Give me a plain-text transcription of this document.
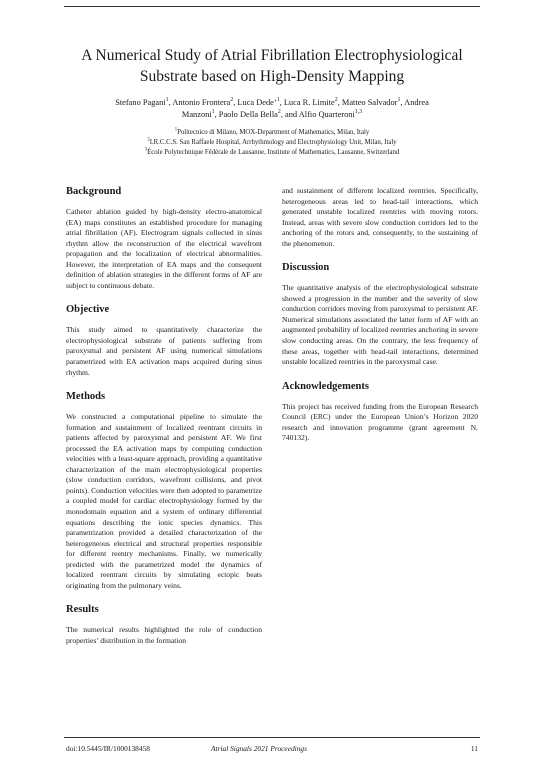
A Numerical Study of Atrial Fibrillation Electrophysiological
Substrate based on High-Density Mapping
Stefano Pagani$^1$, Antonio Frontera$^2$, Luca Dede’$^1$, Luca R. Limite$^2$, Matteo Salvador$^1$, Andrea
Manzoni$^1$, Paolo Della Bella$^2$, and Alfio Quarteroni$^{1,3}$
$^1$Politecnico di Milano, MOX-Department of Mathematics, Milan, Italy
$^2$I.R.C.C.S. San Raffaele Hospital, Arrhythmology and Electrophysiology Unit, Milan, Italy
$^3$École Polytechnique Fédérale de Lausanne, Institute of Mathematics, Lausanne, Switzerland
Background

Catheter ablation guided by high-density electro-anatomical (EA) maps constitutes an established procedure for managing atrial fibrillation (AF). Electrogram signals collected in sinus rhythm allow the reconstruction of the electrical wavefront propagation and the localization of electrical abnormalities. However, the interpretation of EA maps and the consequent definition of ablation strategies in the different forms of AF are subject to continuous debate.

Objective

This study aimed to quantitatively characterize the electrophysiological substrate of patients suffering from paroxysmal and persistent AF using numerical simulations parametrized with EA activation maps acquired during sinus rhythm.

Methods

We constructed a computational pipeline to simulate the formation and sustainment of localized reentrant circuits in patients affected by paroxysmal and persistent AF. We first processed the EA activation maps by computing conduction velocities with a least-square approach, providing a quantitative characterization of the main electrophysiological properties (slow conduction corridors, wavefront collisions, and pivot points). Conduction velocities were then adopted to parametrize a coupled model for cardiac electrophysiology formed by the monodomain equation and a system of ordinary differential equations describing the ionic species dynamics. This parametrization provided a detailed characterization of the heterogeneous electrical and structural properties responsible for different reentry mechanisms. Finally, we numerically predicted with the parametrized model the dynamics of localized reentrant circuits by simulating ectopic beats originating from the pulmonary veins.

Results

The numerical results highlighted the role of conduction properties’ distribution in the formation

and sustainment of different localized reentries. Specifically, heterogeneous areas led to head-tail interactions, which generated unstable localized reentries with moving rotors. Instead, areas with severe slow conduction corridors led to the anchoring of the rotors and, consequently, to the sustaining of the phenomenon.

Discussion

The quantitative analysis of the electrophysiological substrate showed a progression in the number and the severity of slow conduction corridors moving from paroxysmal to persistent AF. Numerical simulations associated the latter form of AF with an augmented probability of localized reentries anchoring in severe slow conducting areas. On the contrary, the less frequency of these areas, together with head-tail interactions, determined unstable localized reentries in the paroxysmal case.

Acknowledgements

This project has received funding from the European Research Council (ERC) under the European Union’s Horizon 2020 research and innovation programme (grant agreement N. 740132).

doi:10.5445/IR/1000138458	Atrial Signals 2021 Proceedings	11
